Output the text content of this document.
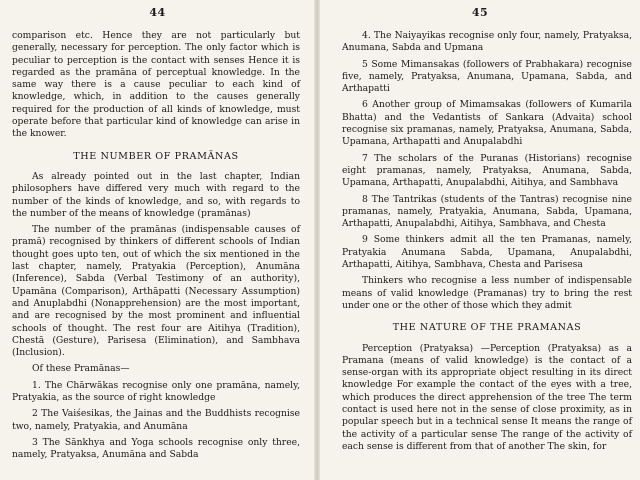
44

comparison etc. Hence they are not particularly but generally, necessary for perception. The only factor which is peculiar to perception is the contact with senses Hence it is regarded as the pramāna of perceptual knowledge. In the same way there is a cause peculiar to each kind of knowledge, which, in addition to the causes generally required for the production of all kinds of knowledge, must operate before that particular kind of knowledge can arise in the knower.

THE NUMBER OF PRAMĀNAS

As already pointed out in the last chapter, Indian philosophers have differed very much with regard to the number of the kinds of knowledge, and so, with regards to the number of the means of knowledge (pramānas)

The number of the pramānas (indispensable causes of pramā) recognised by thinkers of different schools of Indian thought goes upto ten, out of which the six mentioned in the last chapter, namely, Pratyakia (Perception), Anumāna (Inference), Sabda (Verbal Testimony of an authority), Upamāna (Comparison), Arthāpatti (Necessary Assumption) and Anuplabdhi (Nonapprehension) are the most important, and are recognised by the most prominent and influential schools of thought. The rest four are Aitihya (Tradition), Chestā (Gesture), Parisesa (Elimination), and Sambhava (Inclusion).

Of these Pramānas—

1. The Chārwākas recognise only one pramāna, namely, Pratyakia, as the source of right knowledge

2 The Vaiśesikas, the Jainas and the Buddhists recognise two, namely, Pratyakia, and Anumāna

3 The Sānkhya and Yoga schools recognise only three, namely, Pratyaksa, Anumāna and Sabda

45

4. The Naiyayikas recognise only four, namely, Pratyaksa, Anumana, Sabda and Upmana

5 Some Mimansakas (followers of Prabhakara) recognise five, namely, Pratyaksa, Anumana, Upamana, Sabda, and Arthapatti

6 Another group of Mimamsakas (followers of Kumarila Bhatta) and the Vedantists of Sankara (Advaita) school recognise six pramanas, namely, Pratyaksa, Anumana, Sabda, Upamana, Arthapatti and Anupalabdhi

7 The scholars of the Puranas (Historians) recognise eight pramanas, namely, Pratyaksa, Anumana, Sabda, Upamana, Arthapatti, Anupalabdhi, Aitihya, and Sambhava

8 The Tantrikas (students of the Tantras) recognise nine pramanas, namely, Pratyakia, Anumana, Sabda, Upamana, Arthapatti, Anupalabdhi, Aitihya, Sambhava, and Chesta

9 Some thinkers admit all the ten Pramanas, namely, Pratyakia Anumana Sabda, Upamana, Anupalabdhi, Arthapatti, Aitihya, Sambhava, Chesta and Parisesa

Thinkers who recognise a less number of indispensable means of valid knowledge (Pramanas) try to bring the rest under one or the other of those which they admit

THE NATURE OF THE PRAMANAS

Perception (Pratyaksa) —Perception (Pratyaksa) as a Pramana (means of valid knowledge) is the contact of a sense-organ with its appropriate object resulting in its direct knowledge For example the contact of the eyes with a tree, which produces the direct apprehension of the tree The term contact is used here not in the sense of close proximity, as in popular speech but in a technical sense It means the range of the activity of a particular sense The range of the activity of each sense is different from that of another The skin, for
